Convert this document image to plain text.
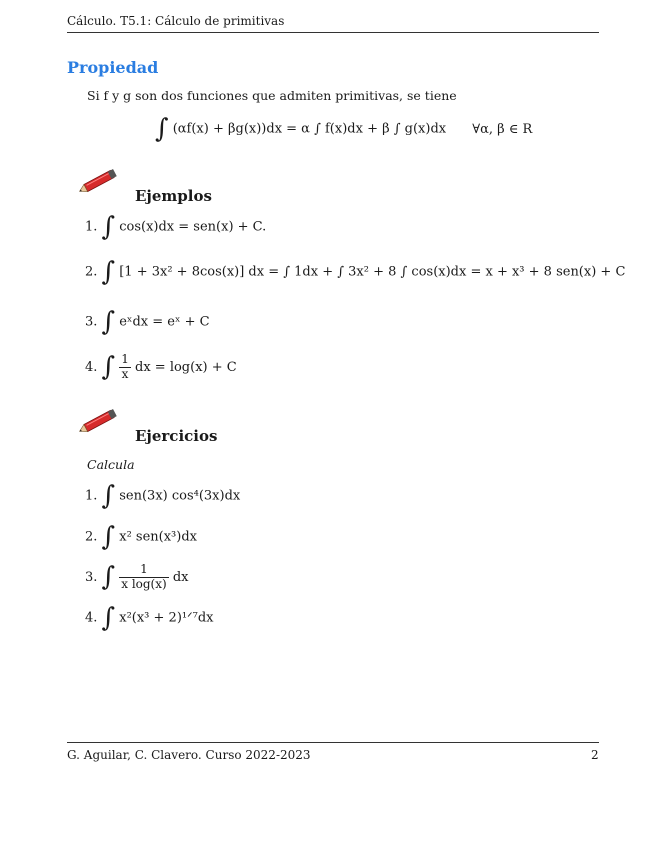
Cálculo. T5.1: Cálculo de primitivas
Propiedad
Si f y g son dos funciones que admiten primitivas, se tiene
∫ (αf(x) + βg(x))dx = α ∫ f(x)dx + β ∫ g(x)dx ∀α, β ∈ R
Ejemplos
1. ∫ cos(x)dx = sen(x) + C.
2. ∫ [1 + 3x² + 8cos(x)] dx = ∫ 1dx + ∫ 3x² + 8 ∫ cos(x)dx = x + x³ + 8 sen(x) + C
3. ∫ eˣdx = eˣ + C
4. ∫ $\frac{1}{x}$ dx = log(x) + C
Ejercicios
Calcula
1. ∫ sen(3x) cos⁴(3x)dx
2. ∫ x² sen(x³)dx
3. ∫ $\frac{1}{\text{x log(x)}}$ dx
4. ∫ x²(x³ + 2)¹ᐟ⁷dx
G. Aguilar, C. Clavero. Curso 2022-2023	2
